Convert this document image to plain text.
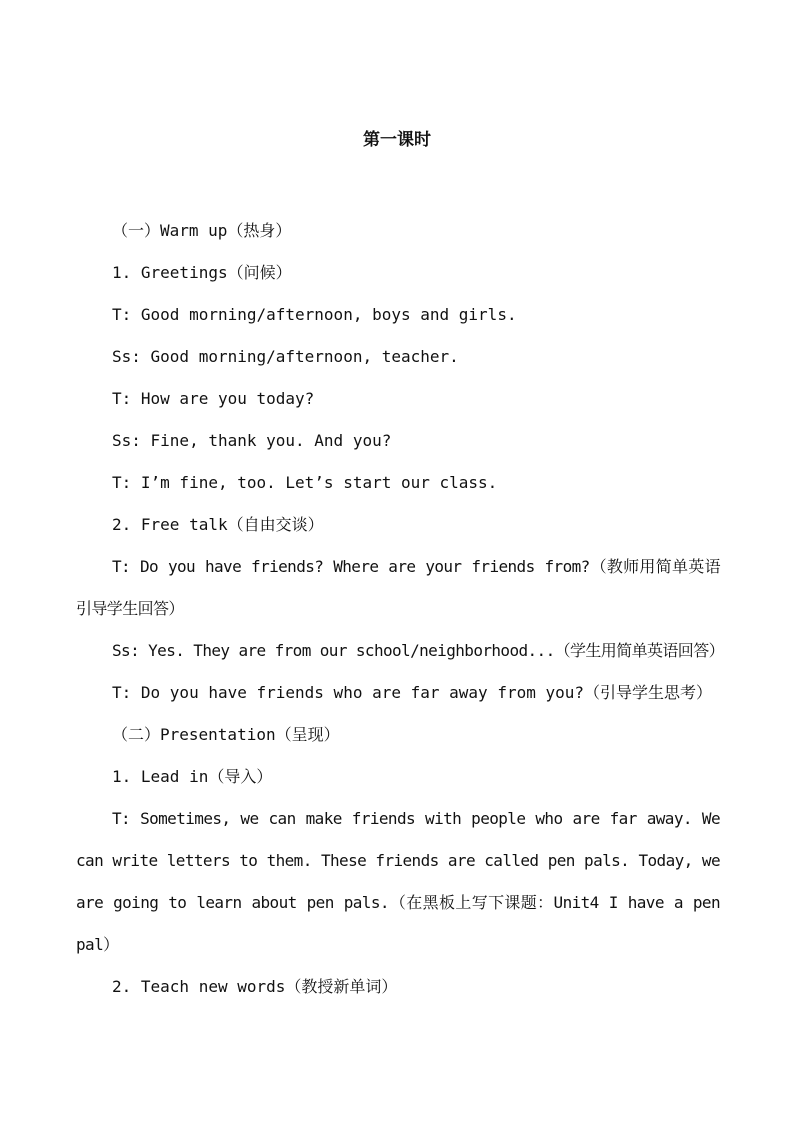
第一课时

（一）Warm up（热身）

1. Greetings（问候）

T: Good morning/afternoon, boys and girls.

Ss: Good morning/afternoon, teacher.

T: How are you today?

Ss: Fine, thank you. And you?

T: I’m fine, too. Let’s start our class.

2. Free talk（自由交谈）

T: Do you have friends? Where are your friends from?（教师用简单英语引导学生回答）

Ss: Yes. They are from our school/neighborhood...（学生用简单英语回答）

T: Do you have friends who are far away from you?（引导学生思考）

（二）Presentation（呈现）

1. Lead in（导入）

T: Sometimes, we can make friends with people who are far away. We can write letters to them. These friends are called pen pals. Today, we are going to learn about pen pals.（在黑板上写下课题：Unit4 I have a pen pal）

2. Teach new words（教授新单词）
